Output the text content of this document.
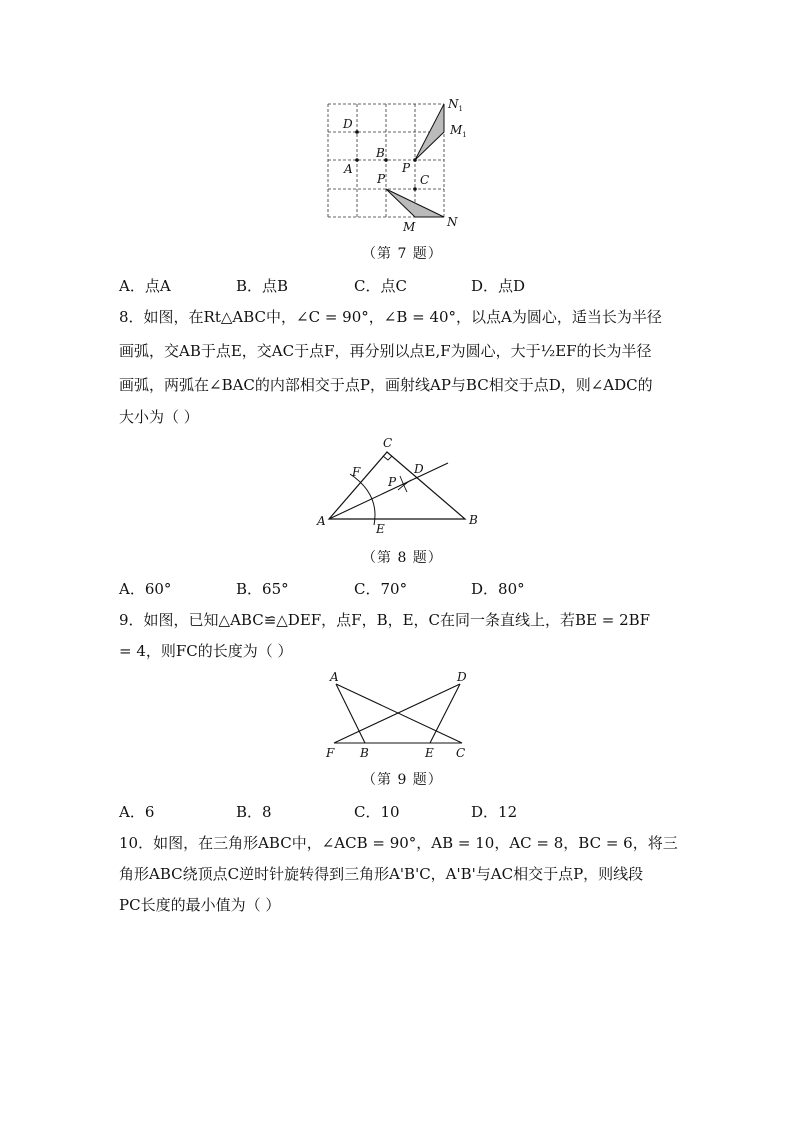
D
A
B
P
P	C
$N_1$
$M_1$
M	N
（第 7 题）
A．点A	B．点B	C．点C	D．点D
8．如图，在Rt△ABC中，∠C = 90°，∠B = 40°，以点A为圆心，适当长为半径
画弧，交AB于点E，交AC于点F，再分别以点E,F为圆心，大于½EF的长为半径
画弧，两弧在∠BAC的内部相交于点P，画射线AP与BC相交于点D，则∠ADC的
大小为（ ）
C
F	D
P
A
E
B
（第 8 题）
A．60°	B．65°	C．70°	D．80°
9．如图，已知△ABC≌△DEF，点F，B，E，C在同一条直线上，若BE = 2BF
= 4，则FC的长度为（ ）
A	D
F B	E C
（第 9 题）
A．6	B．8	C．10	D．12
10．如图，在三角形ABC中，∠ACB = 90°，AB = 10，AC = 8，BC = 6，将三
角形ABC绕顶点C逆时针旋转得到三角形A'B'C，A'B'与AC相交于点P，则线段
PC长度的最小值为（ ）
